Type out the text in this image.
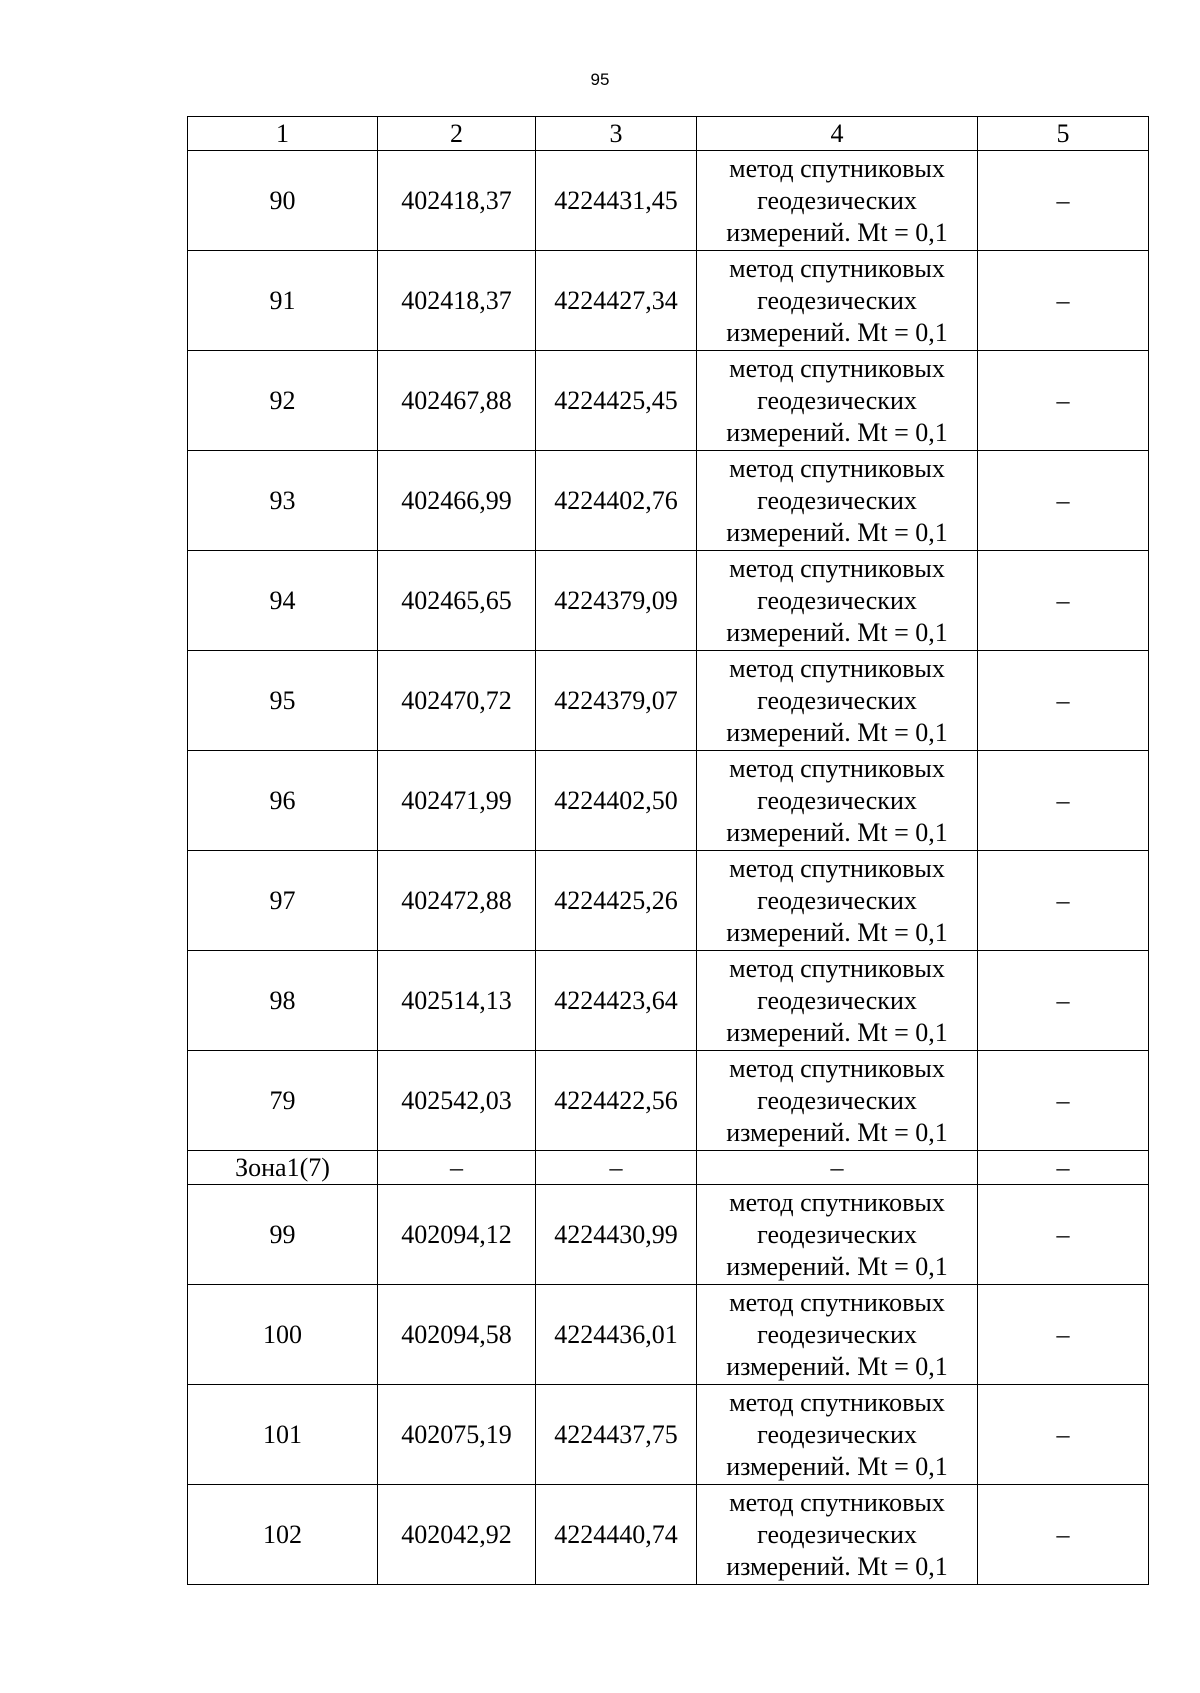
95
1	2	3	4	5
90	402418,37	4224431,45	метод спутниковых
геодезических
измерений. Mt = 0,1	–
91	402418,37	4224427,34	метод спутниковых
геодезических
измерений. Mt = 0,1	–
92	402467,88	4224425,45	метод спутниковых
геодезических
измерений. Mt = 0,1	–
93	402466,99	4224402,76	метод спутниковых
геодезических
измерений. Mt = 0,1	–
94	402465,65	4224379,09	метод спутниковых
геодезических
измерений. Mt = 0,1	–
95	402470,72	4224379,07	метод спутниковых
геодезических
измерений. Mt = 0,1	–
96	402471,99	4224402,50	метод спутниковых
геодезических
измерений. Mt = 0,1	–
97	402472,88	4224425,26	метод спутниковых
геодезических
измерений. Mt = 0,1	–
98	402514,13	4224423,64	метод спутниковых
геодезических
измерений. Mt = 0,1	–
79	402542,03	4224422,56	метод спутниковых
геодезических
измерений. Mt = 0,1	–
Зона1(7)	–	–	–	–
99	402094,12	4224430,99	метод спутниковых
геодезических
измерений. Mt = 0,1	–
100	402094,58	4224436,01	метод спутниковых
геодезических
измерений. Mt = 0,1	–
101	402075,19	4224437,75	метод спутниковых
геодезических
измерений. Mt = 0,1	–
102	402042,92	4224440,74	метод спутниковых
геодезических
измерений. Mt = 0,1	–
